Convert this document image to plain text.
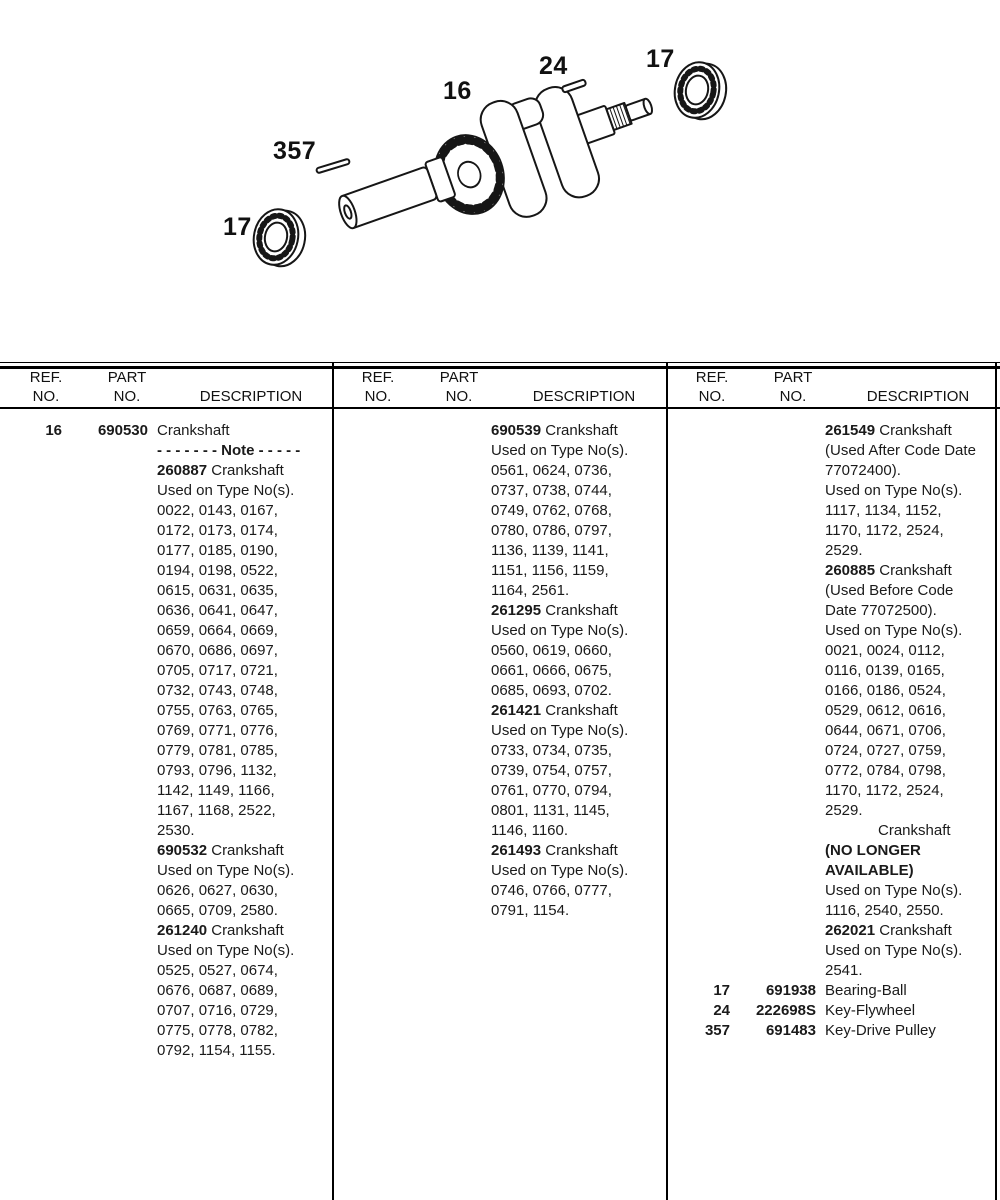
16
24	17
357
17
REF.
NO.
PART
NO.	DESCRIPTION
REF.
NO.
PART
NO.	DESCRIPTION
REF.
NO.
PART
NO.	DESCRIPTION
16	690530 Crankshaft
- - - - - - - Note - - - - -
260887 Crankshaft
Used on Type No(s).
0022, 0143, 0167,
0172, 0173, 0174,
0177, 0185, 0190,
0194, 0198, 0522,
0615, 0631, 0635,
0636, 0641, 0647,
0659, 0664, 0669,
0670, 0686, 0697,
0705, 0717, 0721,
0732, 0743, 0748,
0755, 0763, 0765,
0769, 0771, 0776,
0779, 0781, 0785,
0793, 0796, 1132,
1142, 1149, 1166,
1167, 1168, 2522,
2530.
690532 Crankshaft
Used on Type No(s).
0626, 0627, 0630,
0665, 0709, 2580.
261240 Crankshaft
Used on Type No(s).
0525, 0527, 0674,
0676, 0687, 0689,
0707, 0716, 0729,
0775, 0778, 0782,
0792, 1154, 1155.
690539 Crankshaft
Used on Type No(s).
0561, 0624, 0736,
0737, 0738, 0744,
0749, 0762, 0768,
0780, 0786, 0797,
1136, 1139, 1141,
1151, 1156, 1159,
1164, 2561.
261295 Crankshaft
Used on Type No(s).
0560, 0619, 0660,
0661, 0666, 0675,
0685, 0693, 0702.
261421 Crankshaft
Used on Type No(s).
0733, 0734, 0735,
0739, 0754, 0757,
0761, 0770, 0794,
0801, 1131, 1145,
1146, 1160.
261493 Crankshaft
Used on Type No(s).
0746, 0766, 0777,
0791, 1154.
261549 Crankshaft
(Used After Code Date
77072400).
Used on Type No(s).
1117, 1134, 1152,
1170, 1172, 2524,
2529.
260885 Crankshaft
(Used Before Code
Date 77072500).
Used on Type No(s).
0021, 0024, 0112,
0116, 0139, 0165,
0166, 0186, 0524,
0529, 0612, 0616,
0644, 0671, 0706,
0724, 0727, 0759,
0772, 0784, 0798,
1170, 1172, 2524,
2529.
Crankshaft
(NO LONGER
AVAILABLE)
Used on Type No(s).
1116, 2540, 2550.
262021 Crankshaft
Used on Type No(s).
2541.
17	691938 Bearing-Ball
24	222698S Key-Flywheel
357	691483 Key-Drive Pulley
